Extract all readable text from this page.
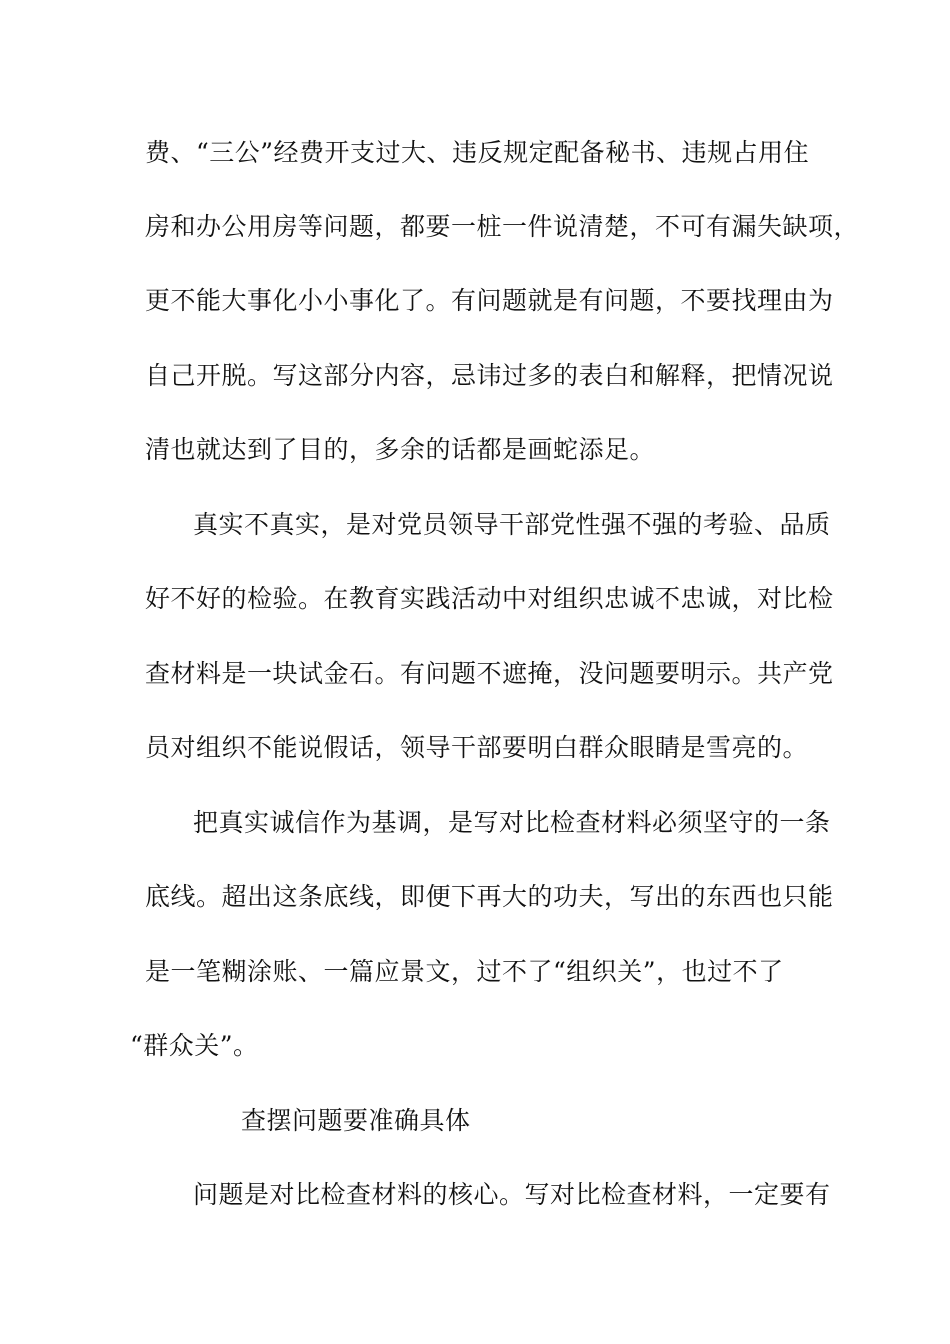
费、“三公”经费开支过大、违反规定配备秘书、违规占用住
房和办公用房等问题，都要一桩一件说清楚，不可有漏失缺项，
更不能大事化小小事化了。有问题就是有问题，不要找理由为
自己开脱。写这部分内容，忌讳过多的表白和解释，把情况说
清也就达到了目的，多余的话都是画蛇添足。
真实不真实，是对党员领导干部党性强不强的考验、品质
好不好的检验。在教育实践活动中对组织忠诚不忠诚，对比检
查材料是一块试金石。有问题不遮掩，没问题要明示。共产党
员对组织不能说假话，领导干部要明白群众眼睛是雪亮的。
把真实诚信作为基调，是写对比检查材料必须坚守的一条
底线。超出这条底线，即便下再大的功夫，写出的东西也只能
是一笔糊涂账、一篇应景文，过不了“组织关”，也过不了
“群众关”。
查摆问题要准确具体
问题是对比检查材料的核心。写对比检查材料，一定要有
